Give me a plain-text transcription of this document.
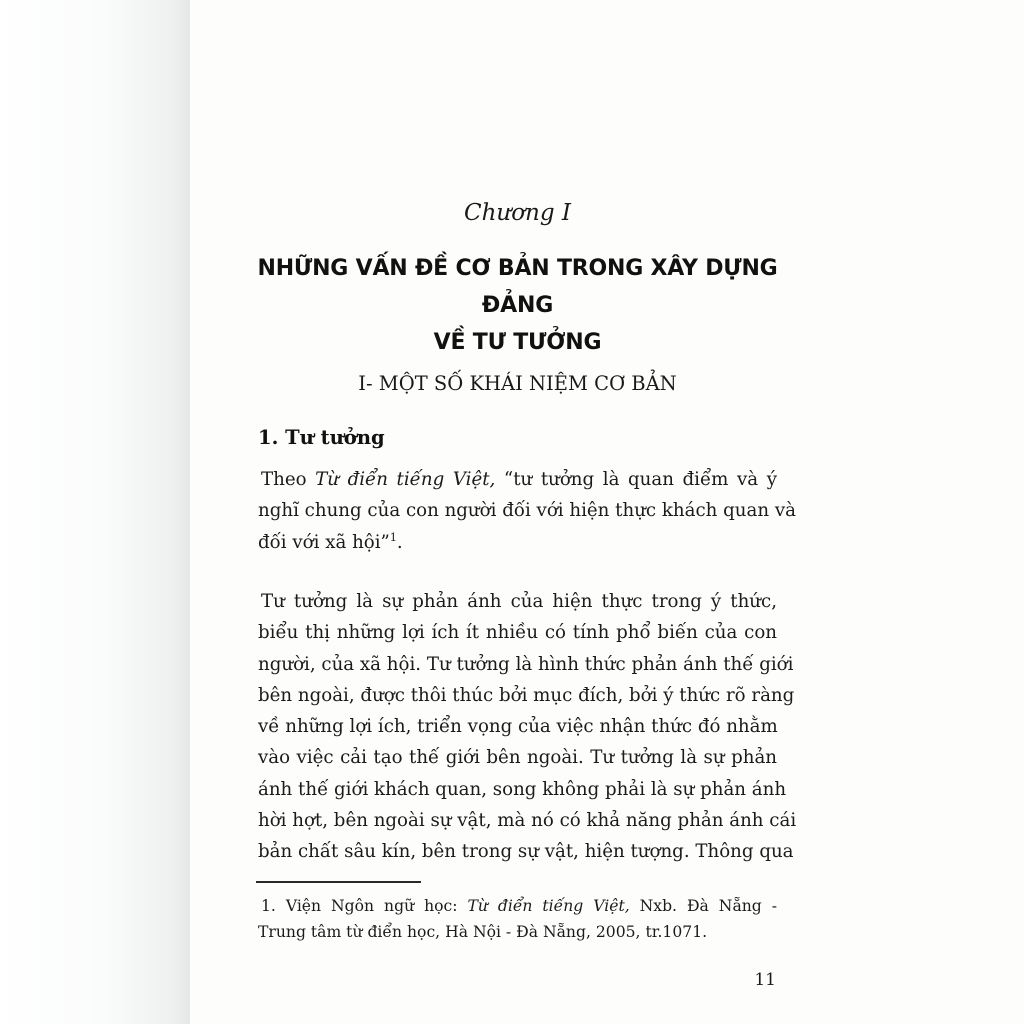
Chương I
NHỮNG VẤN ĐỀ CƠ BẢN TRONG XÂY DỰNG ĐẢNG
VỀ TƯ TƯỞNG
I- MỘT SỐ KHÁI NIỆM CƠ BẢN
1. Tư tưởng
Theo Từ điển tiếng Việt, “tư tưởng là quan điểm và ý
nghĩ chung của con người đối với hiện thực khách quan và
đối với xã hội”$^1$.
Tư tưởng là sự phản ánh của hiện thực trong ý thức,
biểu thị những lợi ích ít nhiều có tính phổ biến của con
người, của xã hội. Tư tưởng là hình thức phản ánh thế giới
bên ngoài, được thôi thúc bởi mục đích, bởi ý thức rõ ràng
về những lợi ích, triển vọng của việc nhận thức đó nhằm
vào việc cải tạo thế giới bên ngoài. Tư tưởng là sự phản
ánh thế giới khách quan, song không phải là sự phản ánh
hời hợt, bên ngoài sự vật, mà nó có khả năng phản ánh cái
bản chất sâu kín, bên trong sự vật, hiện tượng. Thông qua
1. Viện Ngôn ngữ học: Từ điển tiếng Việt, Nxb. Đà Nẵng -
Trung tâm từ điển học, Hà Nội - Đà Nẵng, 2005, tr.1071.
11
